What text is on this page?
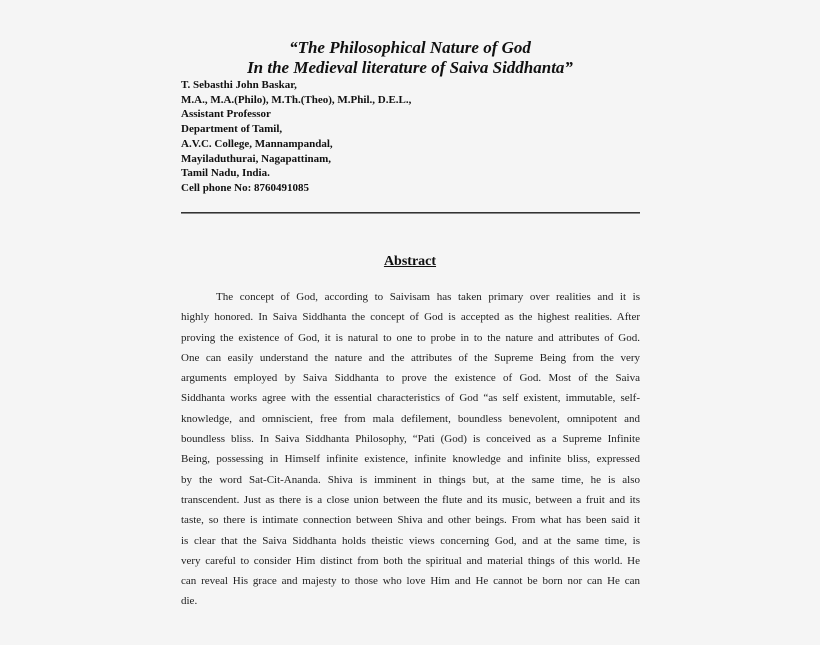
“The Philosophical Nature of God
In the Medieval literature of Saiva Siddhanta”
T. Sebasthi John Baskar,
M.A., M.A.(Philo), M.Th.(Theo), M.Phil., D.E.L.,
Assistant Professor
Department of Tamil,
A.V.C. College, Mannampandal,
Mayiladuthurai, Nagapattinam,
Tamil Nadu, India.
Cell phone No: 8760491085
Abstract
The concept of God, according to Saivisam has taken primary over realities and it is
highly honored. In Saiva Siddhanta the concept of God is accepted as the highest realities. After
proving the existence of God, it is natural to one to probe in to the nature and attributes of God.
One can easily understand the nature and the attributes of the Supreme Being from the very
arguments employed by Saiva Siddhanta to prove the existence of God. Most of the Saiva
Siddhanta works agree with the essential characteristics of God “as self existent, immutable, self-
knowledge, and omniscient, free from mala defilement, boundless benevolent, omnipotent and
boundless bliss. In Saiva Siddhanta Philosophy, “Pati (God) is conceived as a Supreme Infinite
Being, possessing in Himself infinite existence, infinite knowledge and infinite bliss, expressed
by the word Sat-Cit-Ananda. Shiva is imminent in things but, at the same time, he is also
transcendent. Just as there is a close union between the flute and its music, between a fruit and its
taste, so there is intimate connection between Shiva and other beings. From what has been said it
is clear that the Saiva Siddhanta holds theistic views concerning God, and at the same time, is
very careful to consider Him distinct from both the spiritual and material things of this world. He
can reveal His grace and majesty to those who love Him and He cannot be born nor can He can
die.
